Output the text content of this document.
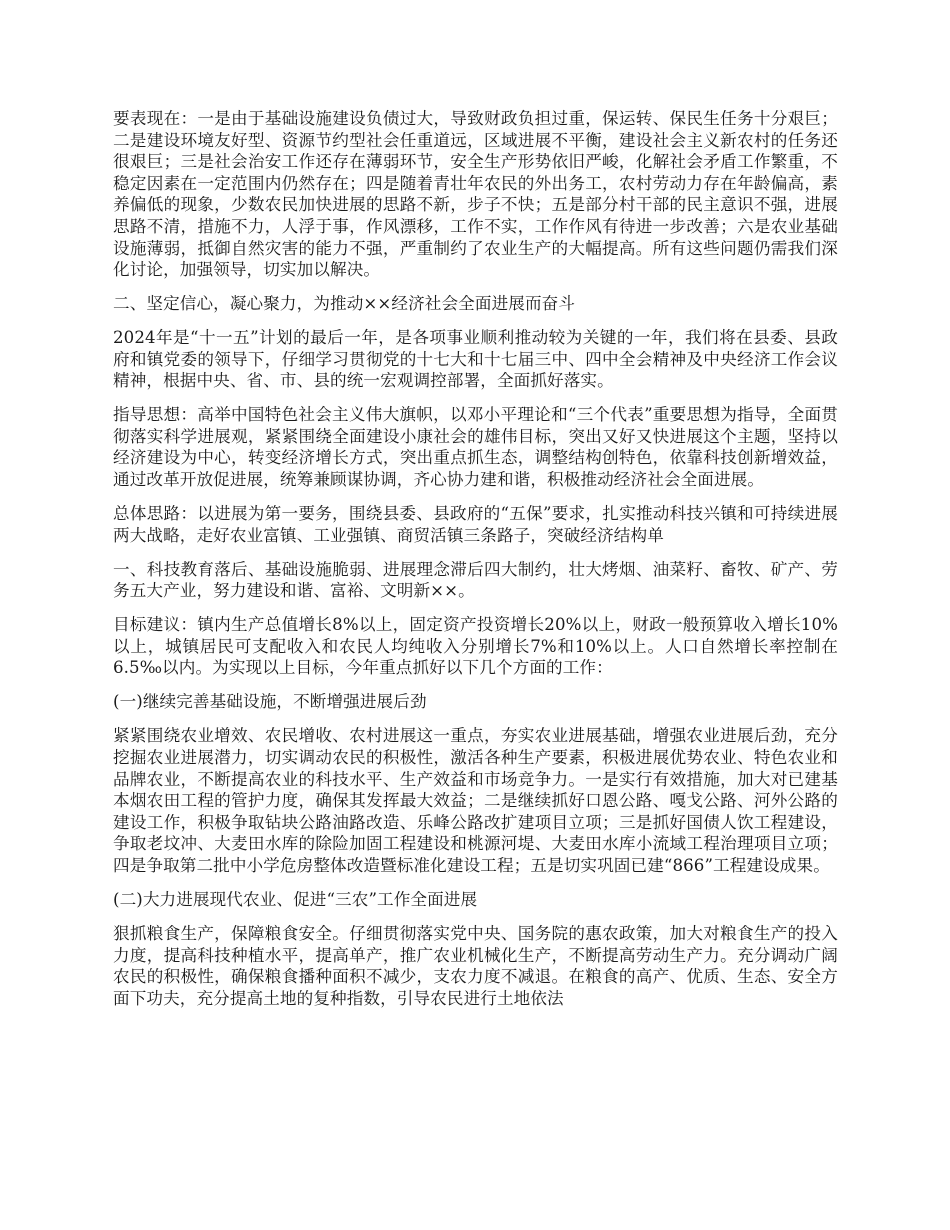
要表现在：一是由于基础设施建设负债过大，导致财政负担过重，保运转、保民生任务十分艰巨；二是建设环境友好型、资源节约型社会任重道远，区域进展不平衡，建设社会主义新农村的任务还很艰巨；三是社会治安工作还存在薄弱环节，安全生产形势依旧严峻，化解社会矛盾工作繁重，不稳定因素在一定范围内仍然存在；四是随着青壮年农民的外出务工，农村劳动力存在年龄偏高，素养偏低的现象，少数农民加快进展的思路不新，步子不快；五是部分村干部的民主意识不强，进展思路不清，措施不力，人浮于事，作风漂移，工作不实，工作作风有待进一步改善；六是农业基础设施薄弱，抵御自然灾害的能力不强，严重制约了农业生产的大幅提高。所有这些问题仍需我们深化讨论，加强领导，切实加以解决。

二、坚定信心，凝心聚力，为推动××经济社会全面进展而奋斗

2024年是“十一五”计划的最后一年，是各项事业顺利推动较为关键的一年，我们将在县委、县政府和镇党委的领导下，仔细学习贯彻党的十七大和十七届三中、四中全会精神及中央经济工作会议精神，根据中央、省、市、县的统一宏观调控部署，全面抓好落实。

指导思想：高举中国特色社会主义伟大旗帜，以邓小平理论和“三个代表”重要思想为指导，全面贯彻落实科学进展观，紧紧围绕全面建设小康社会的雄伟目标，突出又好又快进展这个主题，坚持以经济建设为中心，转变经济增长方式，突出重点抓生态，调整结构创特色，依靠科技创新增效益，通过改革开放促进展，统筹兼顾谋协调，齐心协力建和谐，积极推动经济社会全面进展。

总体思路：以进展为第一要务，围绕县委、县政府的“五保”要求，扎实推动科技兴镇和可持续进展两大战略，走好农业富镇、工业强镇、商贸活镇三条路子，突破经济结构单

一、科技教育落后、基础设施脆弱、进展理念滞后四大制约，壮大烤烟、油菜籽、畜牧、矿产、劳务五大产业，努力建设和谐、富裕、文明新××。

目标建议：镇内生产总值增长8%以上，固定资产投资增长20%以上，财政一般预算收入增长10%以上，城镇居民可支配收入和农民人均纯收入分别增长7%和10%以上。人口自然增长率控制在6.5‰以内。为实现以上目标，今年重点抓好以下几个方面的工作：

(一)继续完善基础设施，不断增强进展后劲

紧紧围绕农业增效、农民增收、农村进展这一重点，夯实农业进展基础，增强农业进展后劲，充分挖掘农业进展潜力，切实调动农民的积极性，激活各种生产要素，积极进展优势农业、特色农业和品牌农业，不断提高农业的科技水平、生产效益和市场竞争力。一是实行有效措施，加大对已建基本烟农田工程的管护力度，确保其发挥最大效益；二是继续抓好口恩公路、嘎戈公路、河外公路的建设工作，积极争取钻块公路油路改造、乐峰公路改扩建项目立项；三是抓好国债人饮工程建设，争取老坟冲、大麦田水库的除险加固工程建设和桃源河堤、大麦田水库小流域工程治理项目立项；四是争取第二批中小学危房整体改造暨标准化建设工程；五是切实巩固已建“866”工程建设成果。

(二)大力进展现代农业、促进“三农”工作全面进展

狠抓粮食生产，保障粮食安全。仔细贯彻落实党中央、国务院的惠农政策，加大对粮食生产的投入力度，提高科技种植水平，提高单产，推广农业机械化生产，不断提高劳动生产力。充分调动广阔农民的积极性，确保粮食播种面积不减少，支农力度不减退。在粮食的高产、优质、生态、安全方面下功夫，充分提高土地的复种指数，引导农民进行土地依法
